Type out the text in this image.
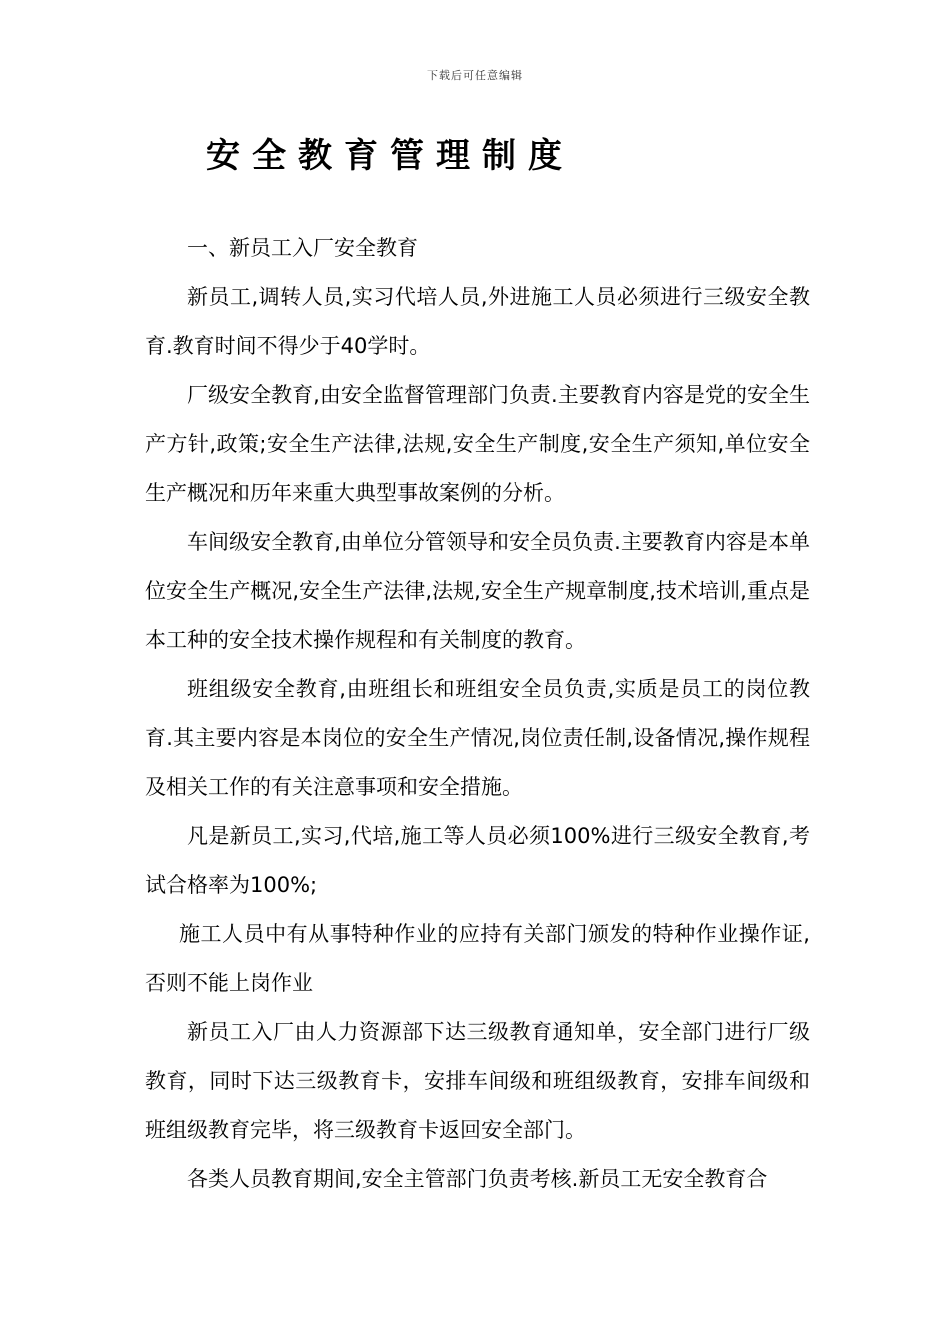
下载后可任意编辑
安全教育管理制度

一、新员工入厂安全教育

新员工,调转人员,实习代培人员,外进施工人员必须进行三级安全教育.教育时间不得少于40学时。

厂级安全教育,由安全监督管理部门负责.主要教育内容是党的安全生产方针,政策;安全生产法律,法规,安全生产制度,安全生产须知,单位安全生产概况和历年来重大典型事故案例的分析。

车间级安全教育,由单位分管领导和安全员负责.主要教育内容是本单位安全生产概况,安全生产法律,法规,安全生产规章制度,技术培训,重点是本工种的安全技术操作规程和有关制度的教育。

班组级安全教育,由班组长和班组安全员负责,实质是员工的岗位教育.其主要内容是本岗位的安全生产情况,岗位责任制,设备情况,操作规程及相关工作的有关注意事项和安全措施。

凡是新员工,实习,代培,施工等人员必须100%进行三级安全教育,考试合格率为100%;

施工人员中有从事特种作业的应持有关部门颁发的特种作业操作证,否则不能上岗作业

新员工入厂由人力资源部下达三级教育通知单，安全部门进行厂级教育，同时下达三级教育卡，安排车间级和班组级教育，安排车间级和班组级教育完毕，将三级教育卡返回安全部门。

各类人员教育期间,安全主管部门负责考核.新员工无安全教育合
